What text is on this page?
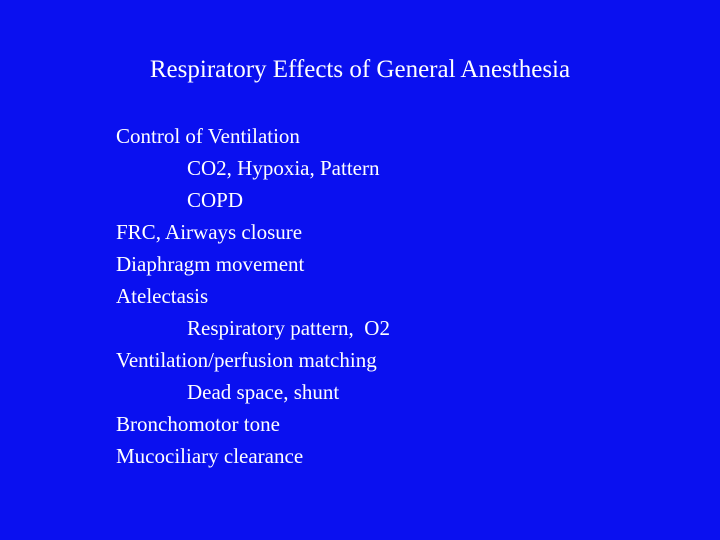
Respiratory Effects of General Anesthesia
Control of Ventilation
CO2, Hypoxia, Pattern
COPD
FRC, Airways closure
Diaphragm movement
Atelectasis
Respiratory pattern,  O2
Ventilation/perfusion matching
Dead space, shunt
Bronchomotor tone
Mucociliary clearance
